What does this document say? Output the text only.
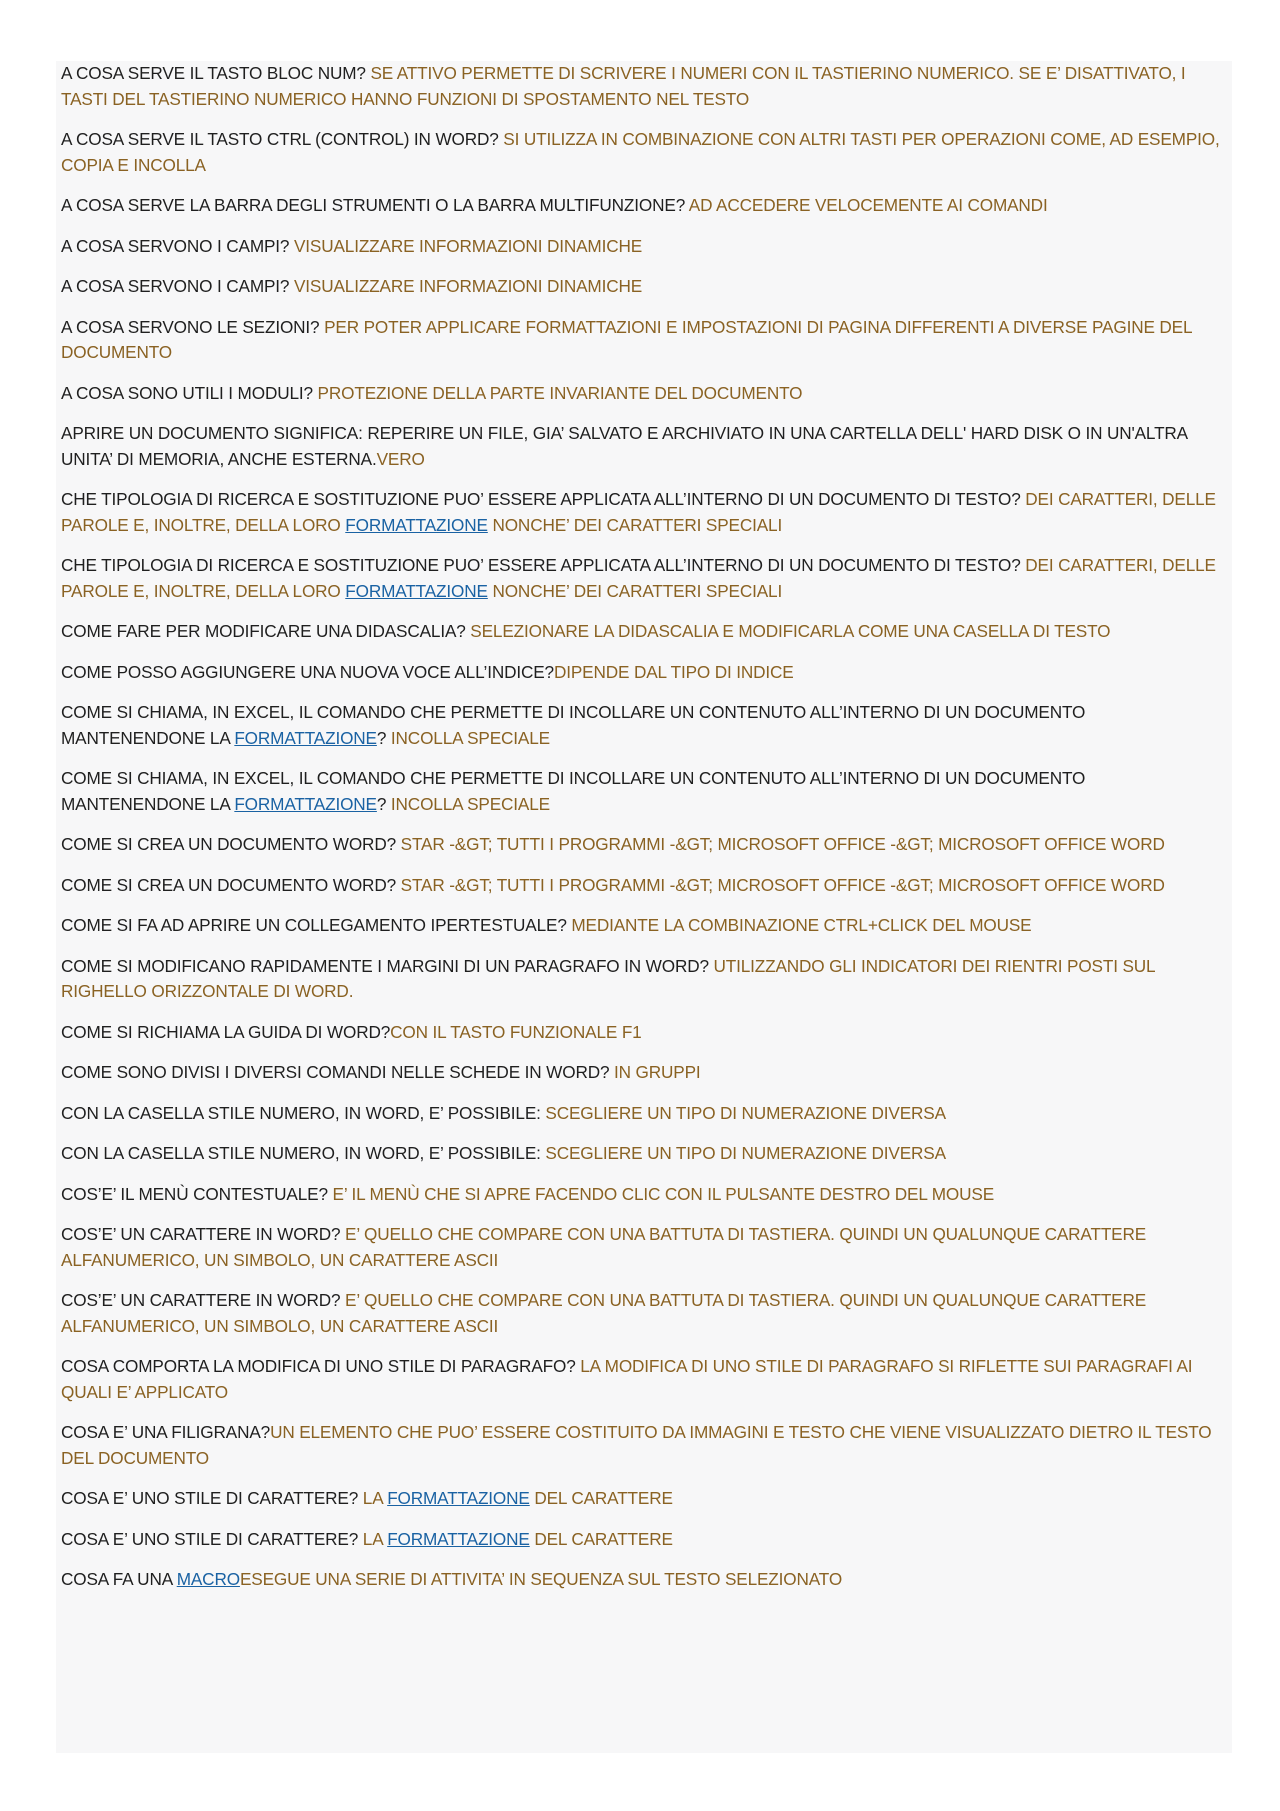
A COSA SERVE IL TASTO BLOC NUM? SE ATTIVO PERMETTE DI SCRIVERE I NUMERI CON IL TASTIERINO NUMERICO. SE E’ DISATTIVATO, I TASTI DEL TASTIERINO NUMERICO HANNO FUNZIONI DI SPOSTAMENTO NEL TESTO

A COSA SERVE IL TASTO CTRL (CONTROL) IN WORD? SI UTILIZZA IN COMBINAZIONE CON ALTRI TASTI PER OPERAZIONI COME, AD ESEMPIO, COPIA E INCOLLA

A COSA SERVE LA BARRA DEGLI STRUMENTI O LA BARRA MULTIFUNZIONE? AD ACCEDERE VELOCEMENTE AI COMANDI

A COSA SERVONO I CAMPI? VISUALIZZARE INFORMAZIONI DINAMICHE

A COSA SERVONO I CAMPI? VISUALIZZARE INFORMAZIONI DINAMICHE

A COSA SERVONO LE SEZIONI? PER POTER APPLICARE FORMATTAZIONI E IMPOSTAZIONI DI PAGINA DIFFERENTI A DIVERSE PAGINE DEL DOCUMENTO

A COSA SONO UTILI I MODULI? PROTEZIONE DELLA PARTE INVARIANTE DEL DOCUMENTO

APRIRE UN DOCUMENTO SIGNIFICA: REPERIRE UN FILE, GIA’ SALVATO E ARCHIVIATO IN UNA CARTELLA DELL' HARD DISK O IN UN'ALTRA UNITA’ DI MEMORIA, ANCHE ESTERNA.VERO

CHE TIPOLOGIA DI RICERCA E SOSTITUZIONE PUO’ ESSERE APPLICATA ALL’INTERNO DI UN DOCUMENTO DI TESTO? DEI CARATTERI, DELLE PAROLE E, INOLTRE, DELLA LORO FORMATTAZIONE NONCHE’ DEI CARATTERI SPECIALI

CHE TIPOLOGIA DI RICERCA E SOSTITUZIONE PUO’ ESSERE APPLICATA ALL’INTERNO DI UN DOCUMENTO DI TESTO? DEI CARATTERI, DELLE PAROLE E, INOLTRE, DELLA LORO FORMATTAZIONE NONCHE’ DEI CARATTERI SPECIALI

COME FARE PER MODIFICARE UNA DIDASCALIA? SELEZIONARE LA DIDASCALIA E MODIFICARLA COME UNA CASELLA DI TESTO

COME POSSO AGGIUNGERE UNA NUOVA VOCE ALL’INDICE?DIPENDE DAL TIPO DI INDICE

COME SI CHIAMA, IN EXCEL, IL COMANDO CHE PERMETTE DI INCOLLARE UN CONTENUTO ALL’INTERNO DI UN DOCUMENTO MANTENENDONE LA FORMATTAZIONE? INCOLLA SPECIALE

COME SI CHIAMA, IN EXCEL, IL COMANDO CHE PERMETTE DI INCOLLARE UN CONTENUTO ALL’INTERNO DI UN DOCUMENTO MANTENENDONE LA FORMATTAZIONE? INCOLLA SPECIALE

COME SI CREA UN DOCUMENTO WORD? STAR -&GT; TUTTI I PROGRAMMI -&GT; MICROSOFT OFFICE -&GT; MICROSOFT OFFICE WORD

COME SI CREA UN DOCUMENTO WORD? STAR -&GT; TUTTI I PROGRAMMI -&GT; MICROSOFT OFFICE -&GT; MICROSOFT OFFICE WORD

COME SI FA AD APRIRE UN COLLEGAMENTO IPERTESTUALE? MEDIANTE LA COMBINAZIONE CTRL+CLICK DEL MOUSE

COME SI MODIFICANO RAPIDAMENTE I MARGINI DI UN PARAGRAFO IN WORD? UTILIZZANDO GLI INDICATORI DEI RIENTRI POSTI SUL RIGHELLO ORIZZONTALE DI WORD.

COME SI RICHIAMA LA GUIDA DI WORD?CON IL TASTO FUNZIONALE F1

COME SONO DIVISI I DIVERSI COMANDI NELLE SCHEDE IN WORD? IN GRUPPI

CON LA CASELLA STILE NUMERO, IN WORD, E’ POSSIBILE: SCEGLIERE UN TIPO DI NUMERAZIONE DIVERSA

CON LA CASELLA STILE NUMERO, IN WORD, E’ POSSIBILE: SCEGLIERE UN TIPO DI NUMERAZIONE DIVERSA

COS’E’ IL MENÙ CONTESTUALE? E’ IL MENÙ CHE SI APRE FACENDO CLIC CON IL PULSANTE DESTRO DEL MOUSE

COS’E’ UN CARATTERE IN WORD? E’ QUELLO CHE COMPARE CON UNA BATTUTA DI TASTIERA. QUINDI UN QUALUNQUE CARATTERE ALFANUMERICO, UN SIMBOLO, UN CARATTERE ASCII

COS’E’ UN CARATTERE IN WORD? E’ QUELLO CHE COMPARE CON UNA BATTUTA DI TASTIERA. QUINDI UN QUALUNQUE CARATTERE ALFANUMERICO, UN SIMBOLO, UN CARATTERE ASCII

COSA COMPORTA LA MODIFICA DI UNO STILE DI PARAGRAFO? LA MODIFICA DI UNO STILE DI PARAGRAFO SI RIFLETTE SUI PARAGRAFI AI QUALI E’ APPLICATO

COSA E’ UNA FILIGRANA?UN ELEMENTO CHE PUO’ ESSERE COSTITUITO DA IMMAGINI E TESTO CHE VIENE VISUALIZZATO DIETRO IL TESTO DEL DOCUMENTO

COSA E’ UNO STILE DI CARATTERE? LA FORMATTAZIONE DEL CARATTERE

COSA E’ UNO STILE DI CARATTERE? LA FORMATTAZIONE DEL CARATTERE

COSA FA UNA MACROESEGUE UNA SERIE DI ATTIVITA’ IN SEQUENZA SUL TESTO SELEZIONATO
